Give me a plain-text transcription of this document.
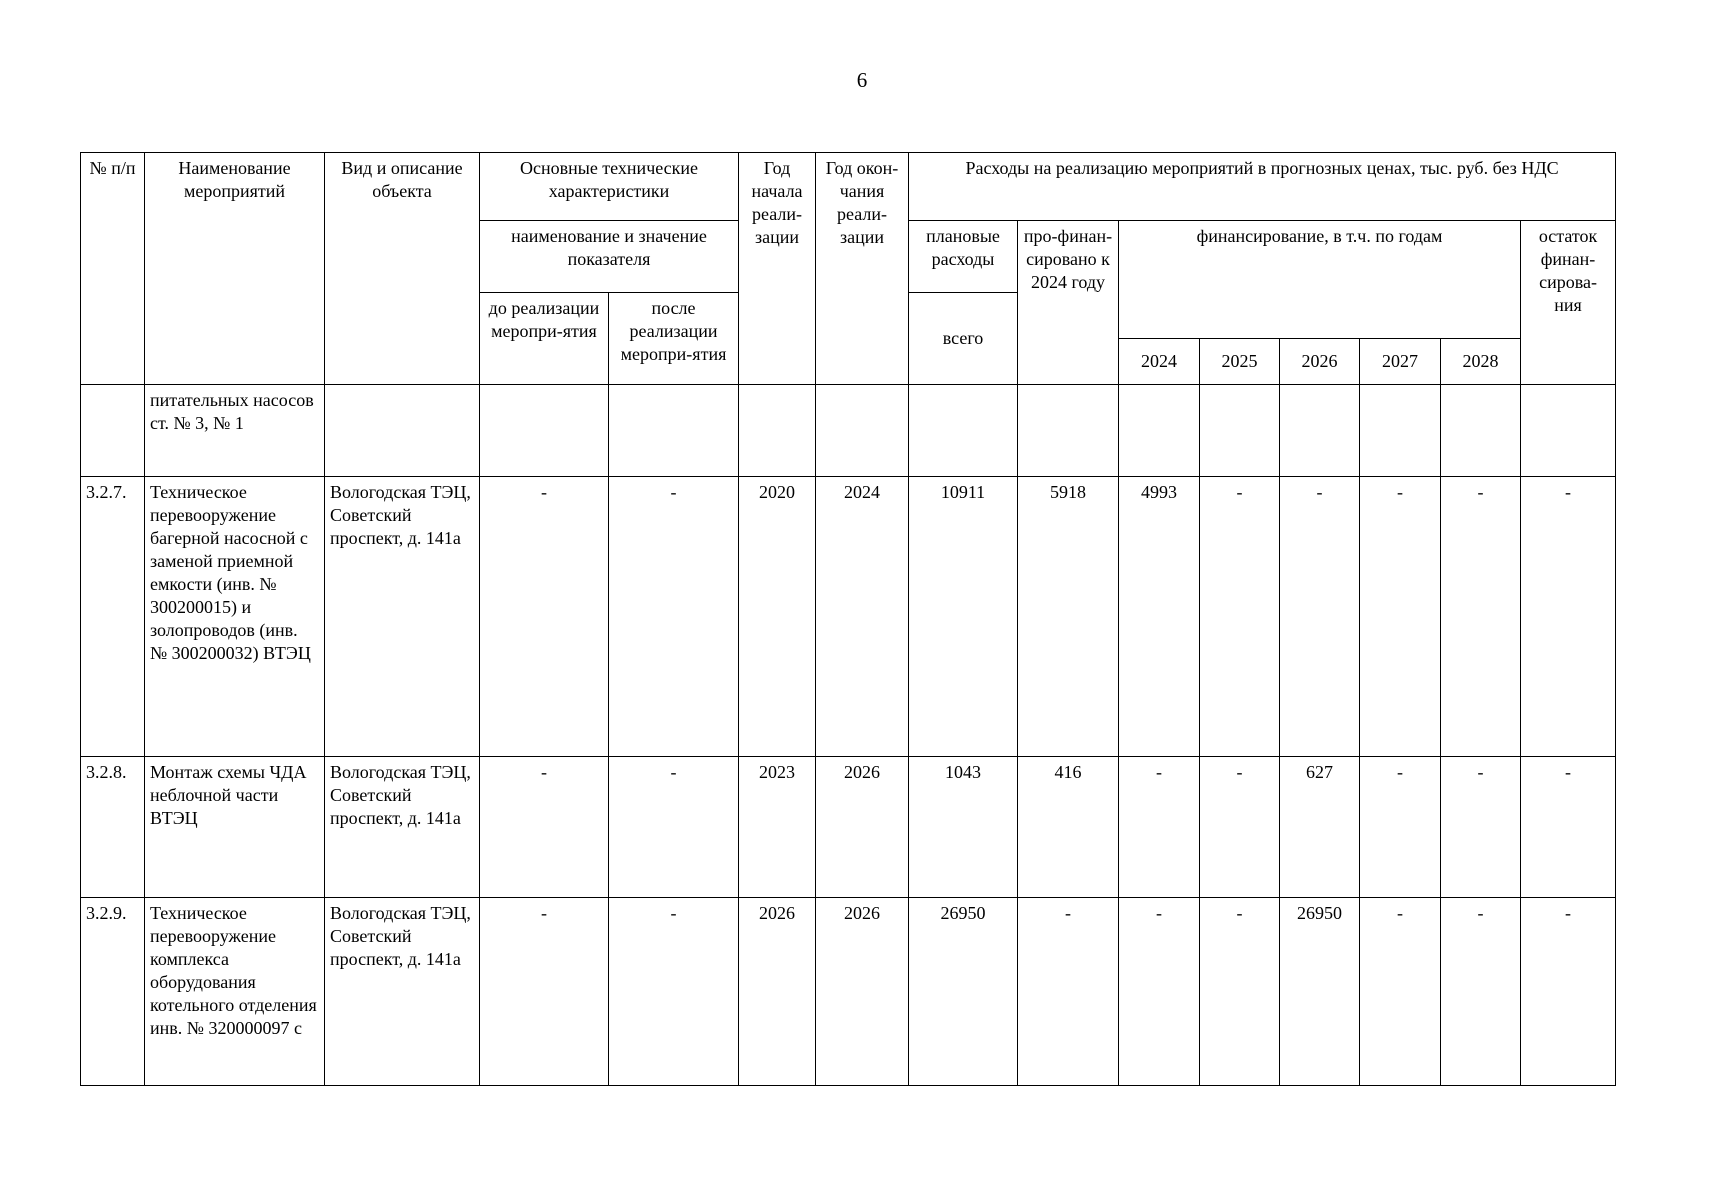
6
№ п/п	Наименование мероприятий	Вид и описание объекта	Основные технические характеристики		Год начала реали-зации	Год окон-чания реали-зации	Расходы на реализацию мероприятий в прогнозных ценах, тыс. руб. без НДС							
			наименование и значение показателя				плановые расходы	про-финан-сировано к 2024 году	финансирование, в т.ч. по годам					остаток финан-сирова-ния
			до реализации меропри-ятия	после реализации меропри-ятия			всего							
									2024	2025	2026	2027	2028	
	питательных насосов ст. № 3, № 1													
3.2.7.	Техническое перевооружение багерной насосной с заменой приемной емкости (инв. № 300200015) и золопроводов (инв. № 300200032) ВТЭЦ	Вологодская ТЭЦ, Советский проспект, д. 141а	-	-	2020	2024	10911	5918	4993	-	-	-	-	-
3.2.8.	Монтаж схемы ЧДА неблочной части ВТЭЦ	Вологодская ТЭЦ, Советский проспект, д. 141а	-	-	2023	2026	1043	416	-	-	627	-	-	-
3.2.9.	Техническое перевооружение комплекса оборудования котельного отделения инв. № 320000097 с	Вологодская ТЭЦ, Советский проспект, д. 141а	-	-	2026	2026	26950	-	-	-	26950	-	-	-
